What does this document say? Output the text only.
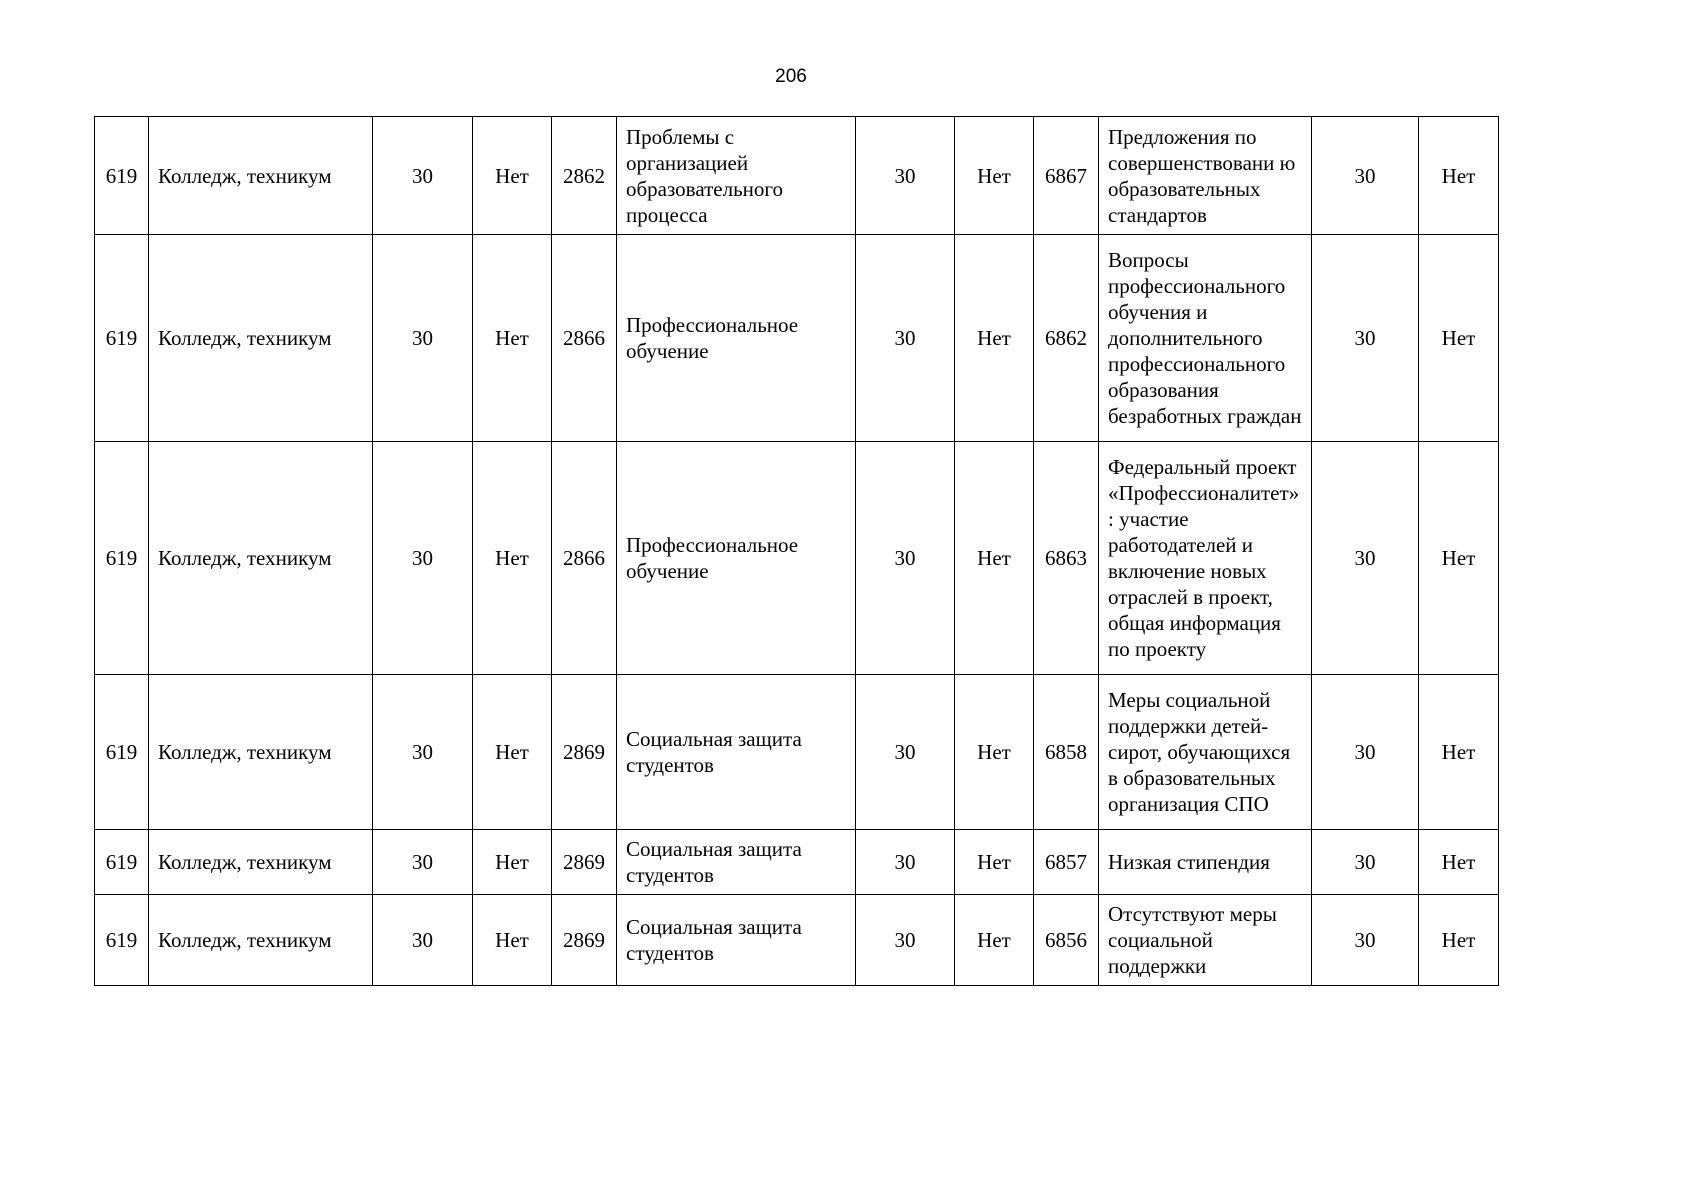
206
619	Колледж, техникум	30	Нет	2862	Проблемы с организацией образовательного процесса	30	Нет	6867	Предложения по совершенствовани ю образовательных стандартов	30	Нет
619	Колледж, техникум	30	Нет	2866	Профессиональное обучение	30	Нет	6862	Вопросы профессионального обучения и дополнительного профессионального образования безработных граждан	30	Нет
619	Колледж, техникум	30	Нет	2866	Профессиональное обучение	30	Нет	6863	Федеральный проект «Профессионалитет»: участие работодателей и включение новых отраслей в проект, общая информация по проекту	30	Нет
619	Колледж, техникум	30	Нет	2869	Социальная защита студентов	30	Нет	6858	Меры социальной поддержки детей-сирот, обучающихся в образовательных организация СПО	30	Нет
619	Колледж, техникум	30	Нет	2869	Социальная защита студентов	30	Нет	6857	Низкая стипендия	30	Нет
619	Колледж, техникум	30	Нет	2869	Социальная защита студентов	30	Нет	6856	Отсутствуют меры социальной поддержки	30	Нет
